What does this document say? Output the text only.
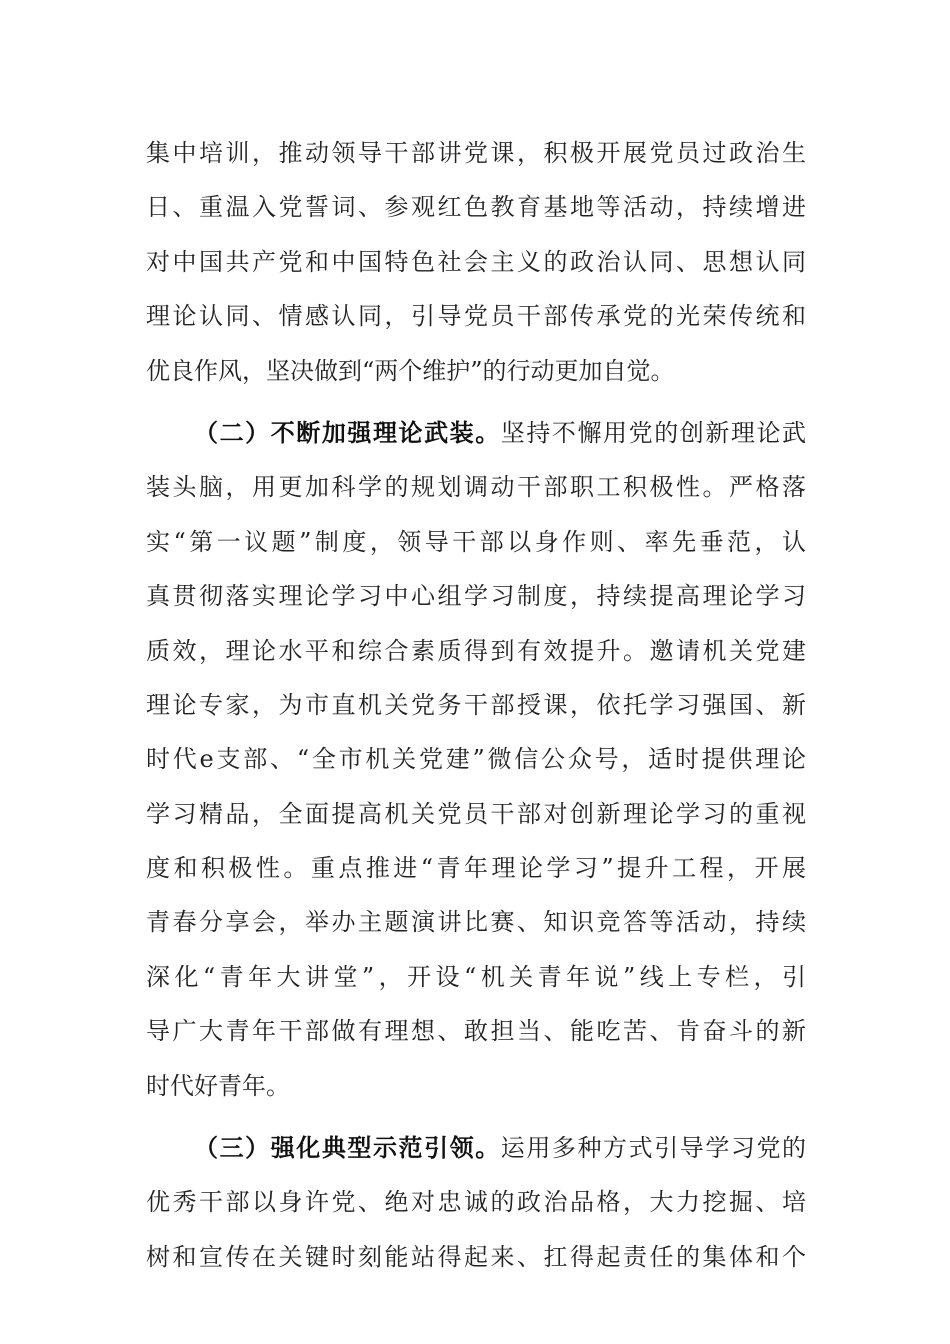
集中培训，推动领导干部讲党课，积极开展党员过政治生
日、重温入党誓词、参观红色教育基地等活动，持续增进
对中国共产党和中国特色社会主义的政治认同、思想认同
理论认同、情感认同，引导党员干部传承党的光荣传统和
优良作风，坚决做到“两个维护”的行动更加自觉。
（二）不断加强理论武装。坚持不懈用党的创新理论武
装头脑，用更加科学的规划调动干部职工积极性。严格落
实“第一议题”制度，领导干部以身作则、率先垂范，认
真贯彻落实理论学习中心组学习制度，持续提高理论学习
质效，理论水平和综合素质得到有效提升。邀请机关党建
理论专家，为市直机关党务干部授课，依托学习强国、新
时代e支部、“全市机关党建”微信公众号，适时提供理论
学习精品，全面提高机关党员干部对创新理论学习的重视
度和积极性。重点推进“青年理论学习”提升工程，开展
青春分享会，举办主题演讲比赛、知识竞答等活动，持续
深化“青年大讲堂”，开设“机关青年说”线上专栏，引
导广大青年干部做有理想、敢担当、能吃苦、肯奋斗的新
时代好青年。
（三）强化典型示范引领。运用多种方式引导学习党的
优秀干部以身许党、绝对忠诚的政治品格，大力挖掘、培
树和宣传在关键时刻能站得起来、扛得起责任的集体和个
